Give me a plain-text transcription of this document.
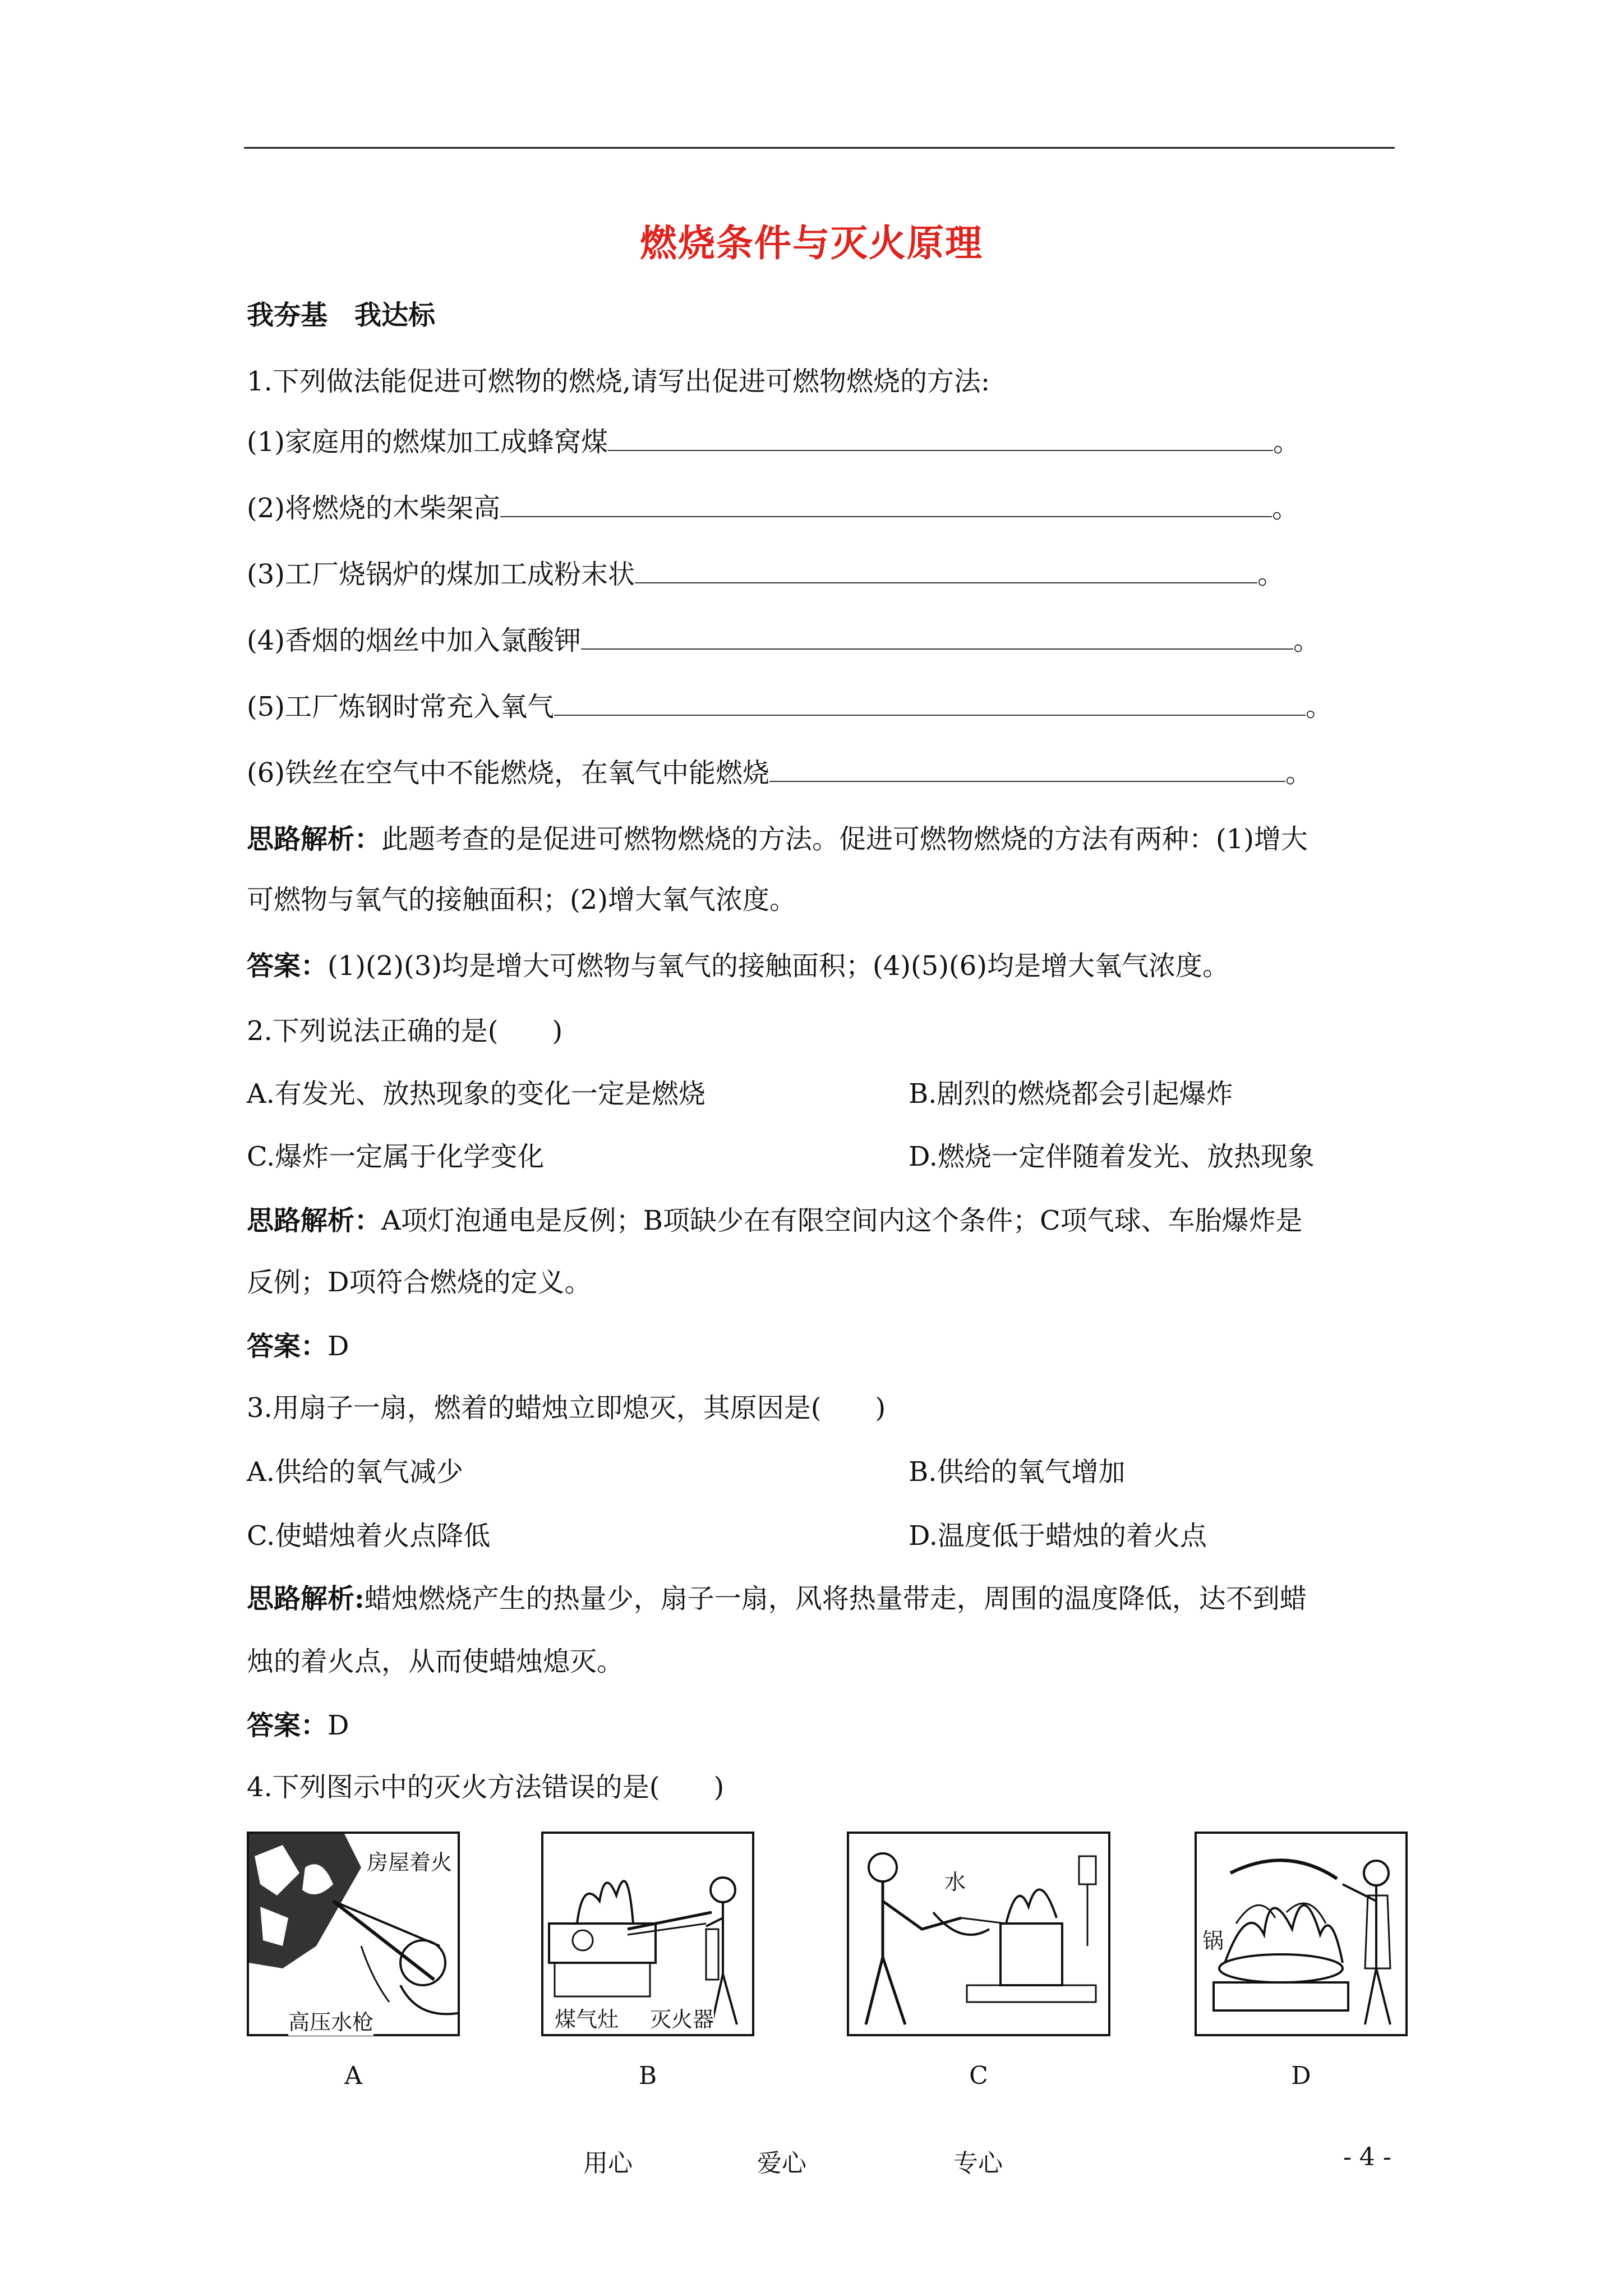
燃烧条件与灭火原理
我夯基　我达标
1.下列做法能促进可燃物的燃烧,请写出促进可燃物燃烧的方法:
(1)家庭用的燃煤加工成蜂窝煤	。
(2)将燃烧的木柴架高	。
(3)工厂烧锅炉的煤加工成粉末状	。
(4)香烟的烟丝中加入氯酸钾	。
(5)工厂炼钢时常充入氧气	。
(6)铁丝在空气中不能燃烧，在氧气中能燃烧	。
思路解析：此题考查的是促进可燃物燃烧的方法。促进可燃物燃烧的方法有两种：(1)增大
可燃物与氧气的接触面积；(2)增大氧气浓度。
答案：(1)(2)(3)均是增大可燃物与氧气的接触面积；(4)(5)(6)均是增大氧气浓度。
2.下列说法正确的是(　　)
A.有发光、放热现象的变化一定是燃烧	B.剧烈的燃烧都会引起爆炸
C.爆炸一定属于化学变化	D.燃烧一定伴随着发光、放热现象
思路解析：A项灯泡通电是反例；B项缺少在有限空间内这个条件；C项气球、车胎爆炸是
反例；D项符合燃烧的定义。
答案：D
3.用扇子一扇，燃着的蜡烛立即熄灭，其原因是(　　)
A.供给的氧气减少	B.供给的氧气增加
C.使蜡烛着火点降低	D.温度低于蜡烛的着火点
思路解析:蜡烛燃烧产生的热量少，扇子一扇，风将热量带走，周围的温度降低，达不到蜡
烛的着火点，从而使蜡烛熄灭。
答案：D
4.下列图示中的灭火方法错误的是(　　)
房屋着火
高压水枪	煤气灶 灭火器
水
锅
A	B	C	D
用心	爱心	专心	- 4 -
